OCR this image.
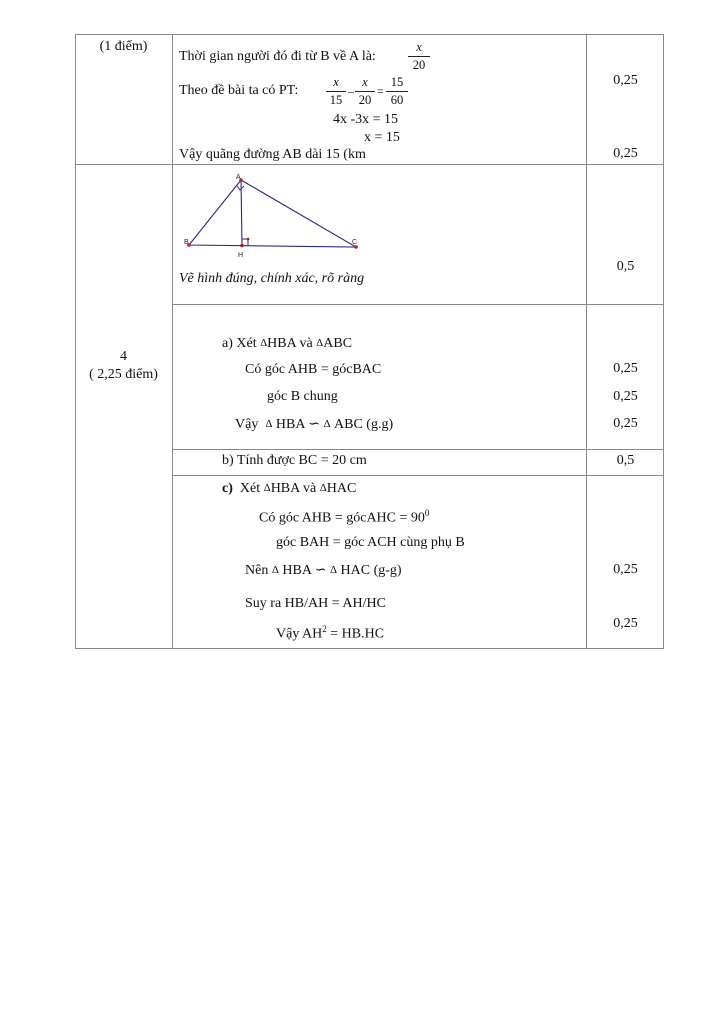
(1 điểm)
Thời gian người đó đi từ B về A là:
x
20
Theo đề bài ta có PT:
x
15
–
x
20
=
15
60
4x -3x = 15
x = 15
Vậy quãng đường AB dài 15 (km
0,25
0,25
4
( 2,25 điểm)
A
B	C
H
Vẽ hình đúng, chính xác, rõ ràng
0,5
a) Xét ΔHBA và ΔABC
Có góc AHB = gócBAC
góc B chung
Vậy Δ HBA ∽ Δ ABC (g.g)
0,25
0,25
0,25
b) Tính được BC = 20 cm	0,5
c) Xét ΔHBA và ΔHAC
Có góc AHB = gócAHC = $90^0$
góc BAH = góc ACH cùng phụ B
Nên Δ HBA ∽ Δ HAC (g-g)
Suy ra HB/AH = AH/HC
Vậy $AH^2 = HB.HC$
0,25
0,25
